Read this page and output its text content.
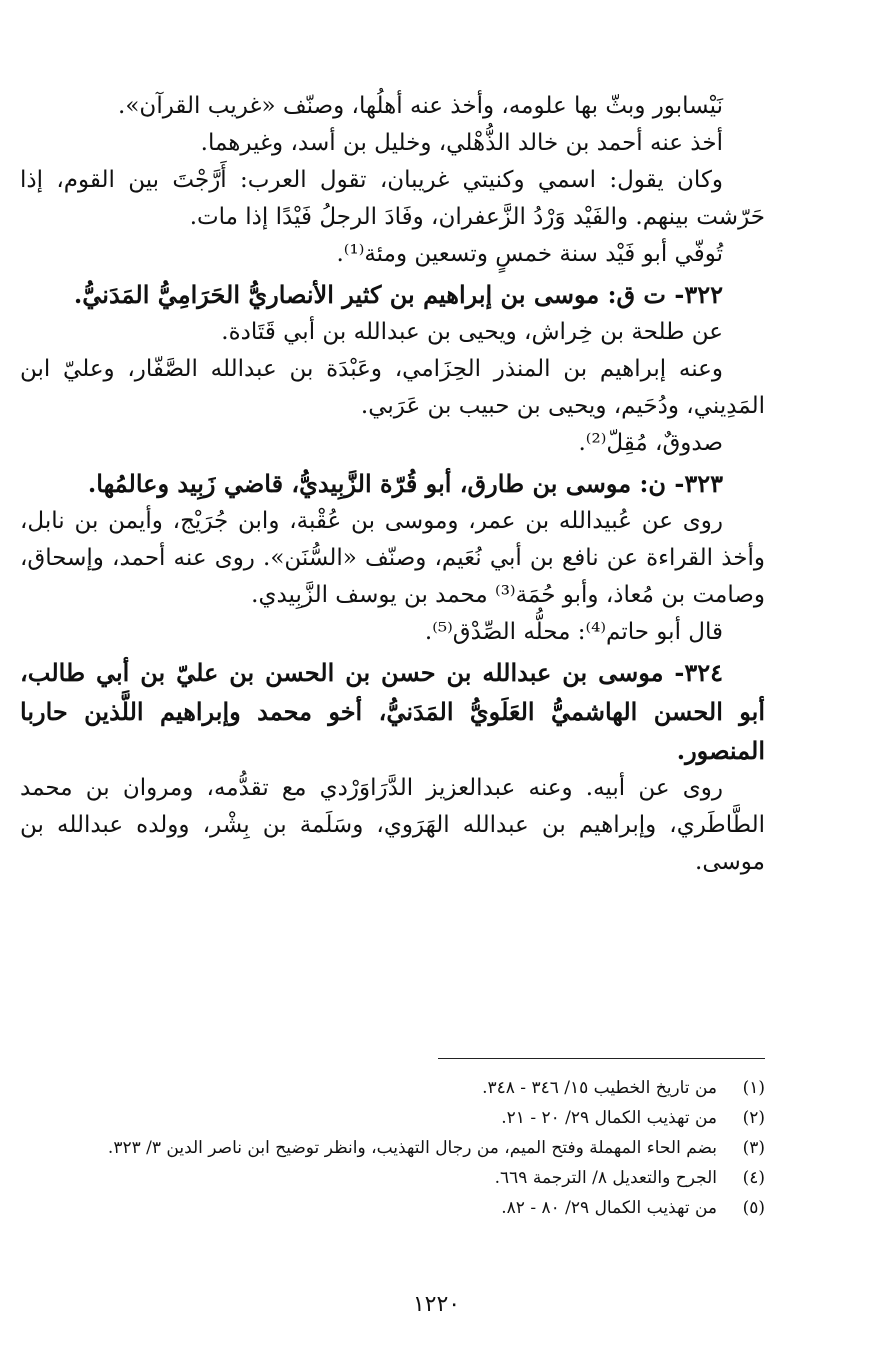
نَيْسابور وبثّ بها علومه، وأخذ عنه أهلُها، وصنّف «غريب القرآن».

أخذ عنه أحمد بن خالد الذُّهْلي، وخليل بن أسد، وغيرهما.

وكان يقول: اسمي وكنيتي غريبان، تقول العرب: أَرَّجْتَ بين القوم، إذا حَرّشت بينهم. والفَيْد وَرْدُ الزَّعفران، وفَادَ الرجلُ فَيْدًا إذا مات.

تُوفّي أبو فَيْد سنة خمسٍ وتسعين ومئة⁽¹⁾.

٣٢٢- ت ق: موسى بن إبراهيم بن كثير الأنصاريُّ الحَرَامِيُّ المَدَنيُّ.

عن طلحة بن خِراش، ويحيى بن عبدالله بن أبي قَتَادة.

وعنه إبراهيم بن المنذر الحِزَامي، وعَبْدَة بن عبدالله الصَّفّار، وعليّ ابن المَدِيني، ودُحَيم، ويحيى بن حبيب بن عَرَبي.

صدوقٌ، مُقِلّ⁽²⁾.

٣٢٣- ن: موسى بن طارق، أبو قُرّة الزَّبِيديُّ، قاضي زَبِيد وعالمُها.

روى عن عُبيدالله بن عمر، وموسى بن عُقْبة، وابن جُرَيْج، وأيمن بن نابل، وأخذ القراءة عن نافع بن أبي نُعَيم، وصنّف «السُّنَن». روى عنه أحمد، وإسحاق، وصامت بن مُعاذ، وأبو حُمَة⁽³⁾ محمد بن يوسف الزَّبِيدي.

قال أبو حاتم⁽⁴⁾: محلُّه الصِّدْق⁽⁵⁾.

٣٢٤- موسى بن عبدالله بن حسن بن الحسن بن عليّ بن أبي طالب، أبو الحسن الهاشميُّ العَلَويُّ المَدَنيُّ، أخو محمد وإبراهيم اللَّذين حاربا المنصور.

روى عن أبيه. وعنه عبدالعزيز الدَّرَاوَرْدي مع تقدُّمه، ومروان بن محمد الطَّاطَري، وإبراهيم بن عبدالله الهَرَوي، وسَلَمة بن بِشْر، وولده عبدالله بن موسى.

(١)
من تاريخ الخطيب ١٥/ ٣٤٦ - ٣٤٨.
(٢)
من تهذيب الكمال ٢٩/ ٢٠ - ٢١.
(٣)
بضم الحاء المهملة وفتح الميم، من رجال التهذيب، وانظر توضيح ابن ناصر الدين ٣/ ٣٢٣.
(٤)
الجرح والتعديل ٨/ الترجمة ٦٦٩.
(٥)
من تهذيب الكمال ٢٩/ ٨٠ - ٨٢.
١٢٢٠
